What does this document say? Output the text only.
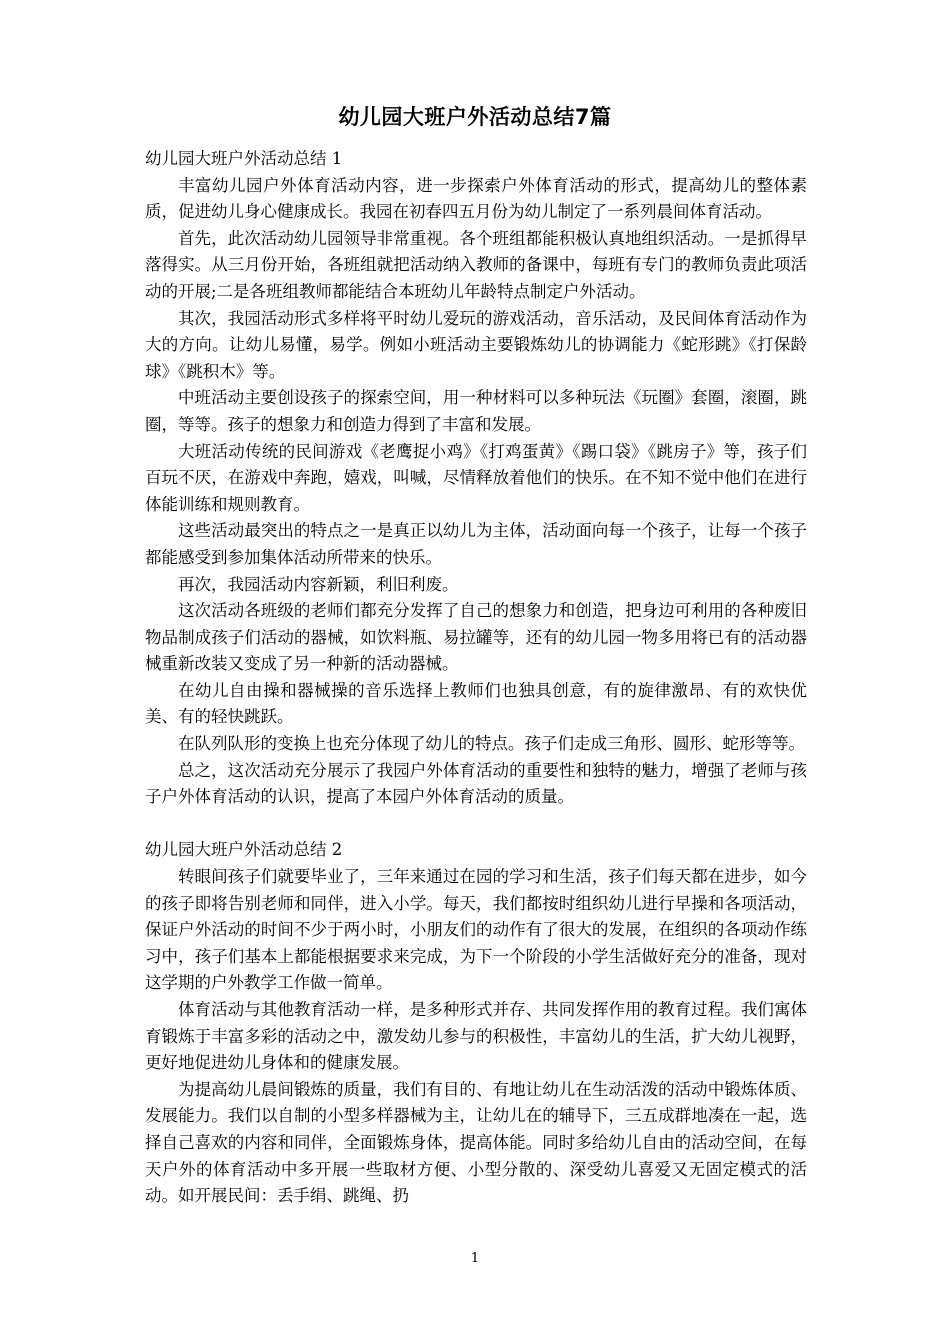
幼儿园大班户外活动总结7篇

幼儿园大班户外活动总结 1

丰富幼儿园户外体育活动内容，进一步探索户外体育活动的形式，提高幼儿的整体素质，促进幼儿身心健康成长。我园在初春四五月份为幼儿制定了一系列晨间体育活动。

首先，此次活动幼儿园领导非常重视。各个班组都能积极认真地组织活动。一是抓得早落得实。从三月份开始，各班组就把活动纳入教师的备课中，每班有专门的教师负责此项活动的开展;二是各班组教师都能结合本班幼儿年龄特点制定户外活动。

其次，我园活动形式多样将平时幼儿爱玩的游戏活动，音乐活动，及民间体育活动作为大的方向。让幼儿易懂，易学。例如小班活动主要锻炼幼儿的协调能力《蛇形跳》《打保龄球》《跳积木》等。

中班活动主要创设孩子的探索空间，用一种材料可以多种玩法《玩圈》套圈，滚圈，跳圈，等等。孩子的想象力和创造力得到了丰富和发展。

大班活动传统的民间游戏《老鹰捉小鸡》《打鸡蛋黄》《踢口袋》《跳房子》等，孩子们百玩不厌，在游戏中奔跑，嬉戏，叫喊，尽情释放着他们的快乐。在不知不觉中他们在进行体能训练和规则教育。

这些活动最突出的特点之一是真正以幼儿为主体，活动面向每一个孩子，让每一个孩子都能感受到参加集体活动所带来的快乐。

再次，我园活动内容新颖，利旧利废。

这次活动各班级的老师们都充分发挥了自己的想象力和创造，把身边可利用的各种废旧物品制成孩子们活动的器械，如饮料瓶、易拉罐等，还有的幼儿园一物多用将已有的活动器械重新改装又变成了另一种新的活动器械。

在幼儿自由操和器械操的音乐选择上教师们也独具创意，有的旋律激昂、有的欢快优美、有的轻快跳跃。

在队列队形的变换上也充分体现了幼儿的特点。孩子们走成三角形、圆形、蛇形等等。

总之，这次活动充分展示了我园户外体育活动的重要性和独特的魅力，增强了老师与孩子户外体育活动的认识，提高了本园户外体育活动的质量。

幼儿园大班户外活动总结 2

转眼间孩子们就要毕业了，三年来通过在园的学习和生活，孩子们每天都在进步，如今的孩子即将告别老师和同伴，进入小学。每天，我们都按时组织幼儿进行早操和各项活动，保证户外活动的时间不少于两小时，小朋友们的动作有了很大的发展，在组织的各项动作练习中，孩子们基本上都能根据要求来完成，为下一个阶段的小学生活做好充分的准备，现对这学期的户外教学工作做一简单。

体育活动与其他教育活动一样，是多种形式并存、共同发挥作用的教育过程。我们寓体育锻炼于丰富多彩的活动之中，激发幼儿参与的积极性，丰富幼儿的生活，扩大幼儿视野，更好地促进幼儿身体和的健康发展。

为提高幼儿晨间锻炼的质量，我们有目的、有地让幼儿在生动活泼的活动中锻炼体质、发展能力。我们以自制的小型多样器械为主，让幼儿在的辅导下，三五成群地凑在一起，选择自己喜欢的内容和同伴，全面锻炼身体，提高体能。同时多给幼儿自由的活动空间，在每天户外的体育活动中多开展一些取材方便、小型分散的、深受幼儿喜爱又无固定模式的活动。如开展民间：丢手绢、跳绳、扔

1
